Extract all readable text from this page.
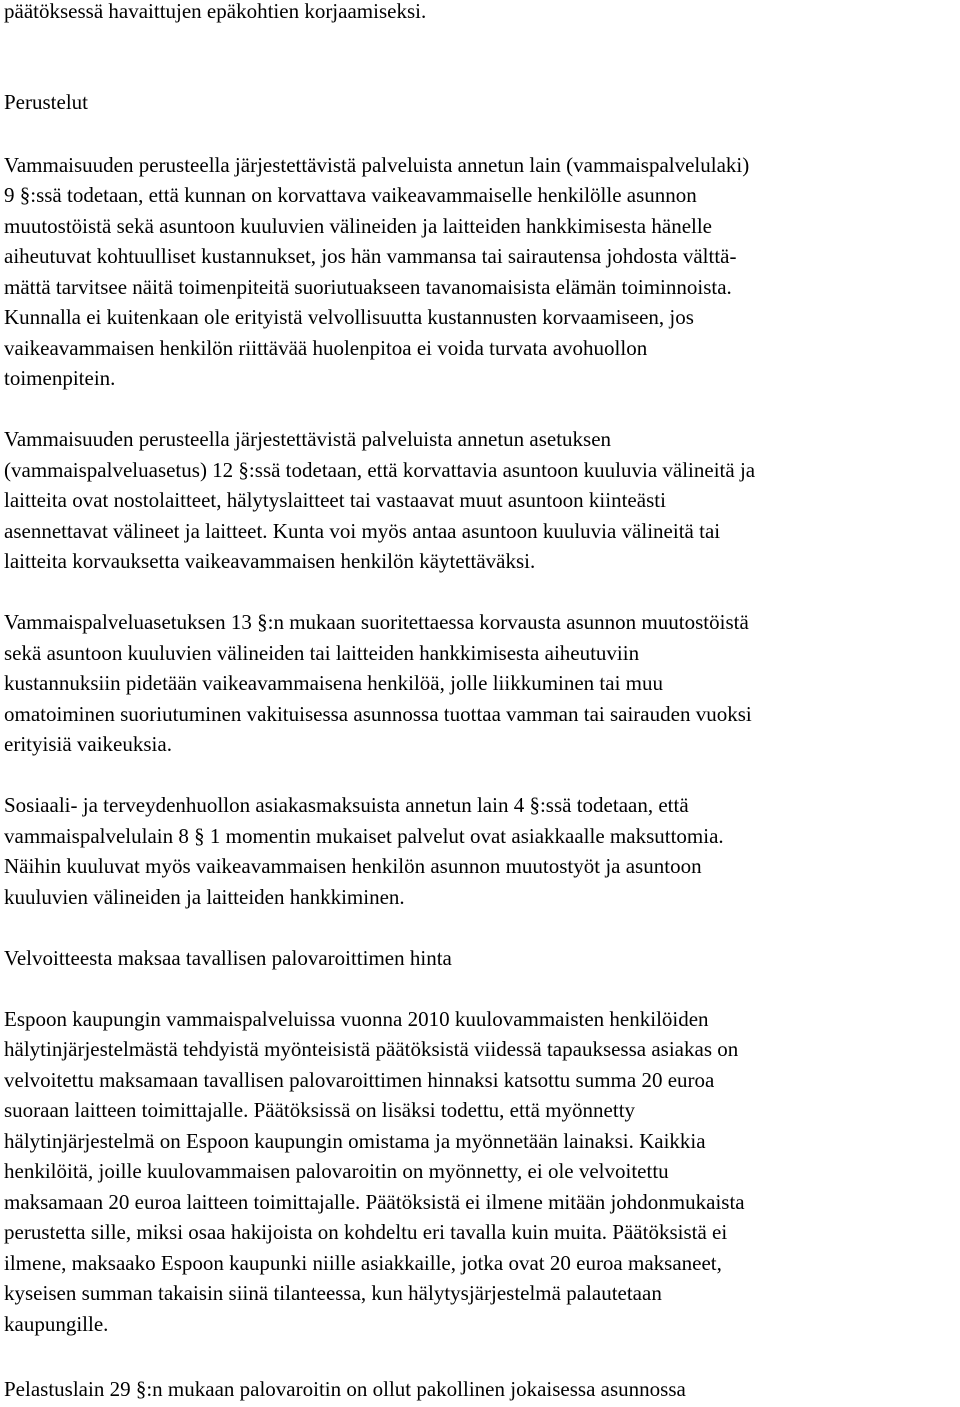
päätöksessä havaittujen epäkohtien korjaamiseksi.
Perustelut
Vammaisuuden perusteella järjestettävistä palveluista annetun lain (vammaispalvelulaki)
9 §:ssä todetaan, että kunnan on korvattava vaikeavammaiselle henkilölle asunnon
muutostöistä sekä asuntoon kuuluvien välineiden ja laitteiden hankkimisesta hänelle
aiheutuvat kohtuulliset kustannukset, jos hän vammansa tai sairautensa johdosta välttä-
mättä tarvitsee näitä toimenpiteitä suoriutuakseen tavanomaisista elämän toiminnoista.
Kunnalla ei kuitenkaan ole erityistä velvollisuutta kustannusten korvaamiseen, jos
vaikeavammaisen henkilön riittävää huolenpitoa ei voida turvata avohuollon
toimenpitein.
Vammaisuuden perusteella järjestettävistä palveluista annetun asetuksen
(vammaispalveluasetus) 12 §:ssä todetaan, että korvattavia asuntoon kuuluvia välineitä ja
laitteita ovat nostolaitteet, hälytyslaitteet tai vastaavat muut asuntoon kiinteästi
asennettavat välineet ja laitteet. Kunta voi myös antaa asuntoon kuuluvia välineitä tai
laitteita korvauksetta vaikeavammaisen henkilön käytettäväksi.
Vammaispalveluasetuksen 13 §:n mukaan suoritettaessa korvausta asunnon muutostöistä
sekä asuntoon kuuluvien välineiden tai laitteiden hankkimisesta aiheutuviin
kustannuksiin pidetään vaikeavammaisena henkilöä, jolle liikkuminen tai muu
omatoiminen suoriutuminen vakituisessa asunnossa tuottaa vamman tai sairauden vuoksi
erityisiä vaikeuksia.
Sosiaali- ja terveydenhuollon asiakasmaksuista annetun lain 4 §:ssä todetaan, että
vammaispalvelulain 8 § 1 momentin mukaiset palvelut ovat asiakkaalle maksuttomia.
Näihin kuuluvat myös vaikeavammaisen henkilön asunnon muutostyöt ja asuntoon
kuuluvien välineiden ja laitteiden hankkiminen.
Velvoitteesta maksaa tavallisen palovaroittimen hinta
Espoon kaupungin vammaispalveluissa vuonna 2010 kuulovammaisten henkilöiden
hälytinjärjestelmästä tehdyistä myönteisistä päätöksistä viidessä tapauksessa asiakas on
velvoitettu maksamaan tavallisen palovaroittimen hinnaksi katsottu summa 20 euroa
suoraan laitteen toimittajalle. Päätöksissä on lisäksi todettu, että myönnetty
hälytinjärjestelmä on Espoon kaupungin omistama ja myönnetään lainaksi. Kaikkia
henkilöitä, joille kuulovammaisen palovaroitin on myönnetty, ei ole velvoitettu
maksamaan 20 euroa laitteen toimittajalle. Päätöksistä ei ilmene mitään johdonmukaista
perustetta sille, miksi osaa hakijoista on kohdeltu eri tavalla kuin muita. Päätöksistä ei
ilmene, maksaako Espoon kaupunki niille asiakkaille, jotka ovat 20 euroa maksaneet,
kyseisen summan takaisin siinä tilanteessa, kun hälytysjärjestelmä palautetaan
kaupungille.
Pelastuslain 29 §:n mukaan palovaroitin on ollut pakollinen jokaisessa asunnossa
